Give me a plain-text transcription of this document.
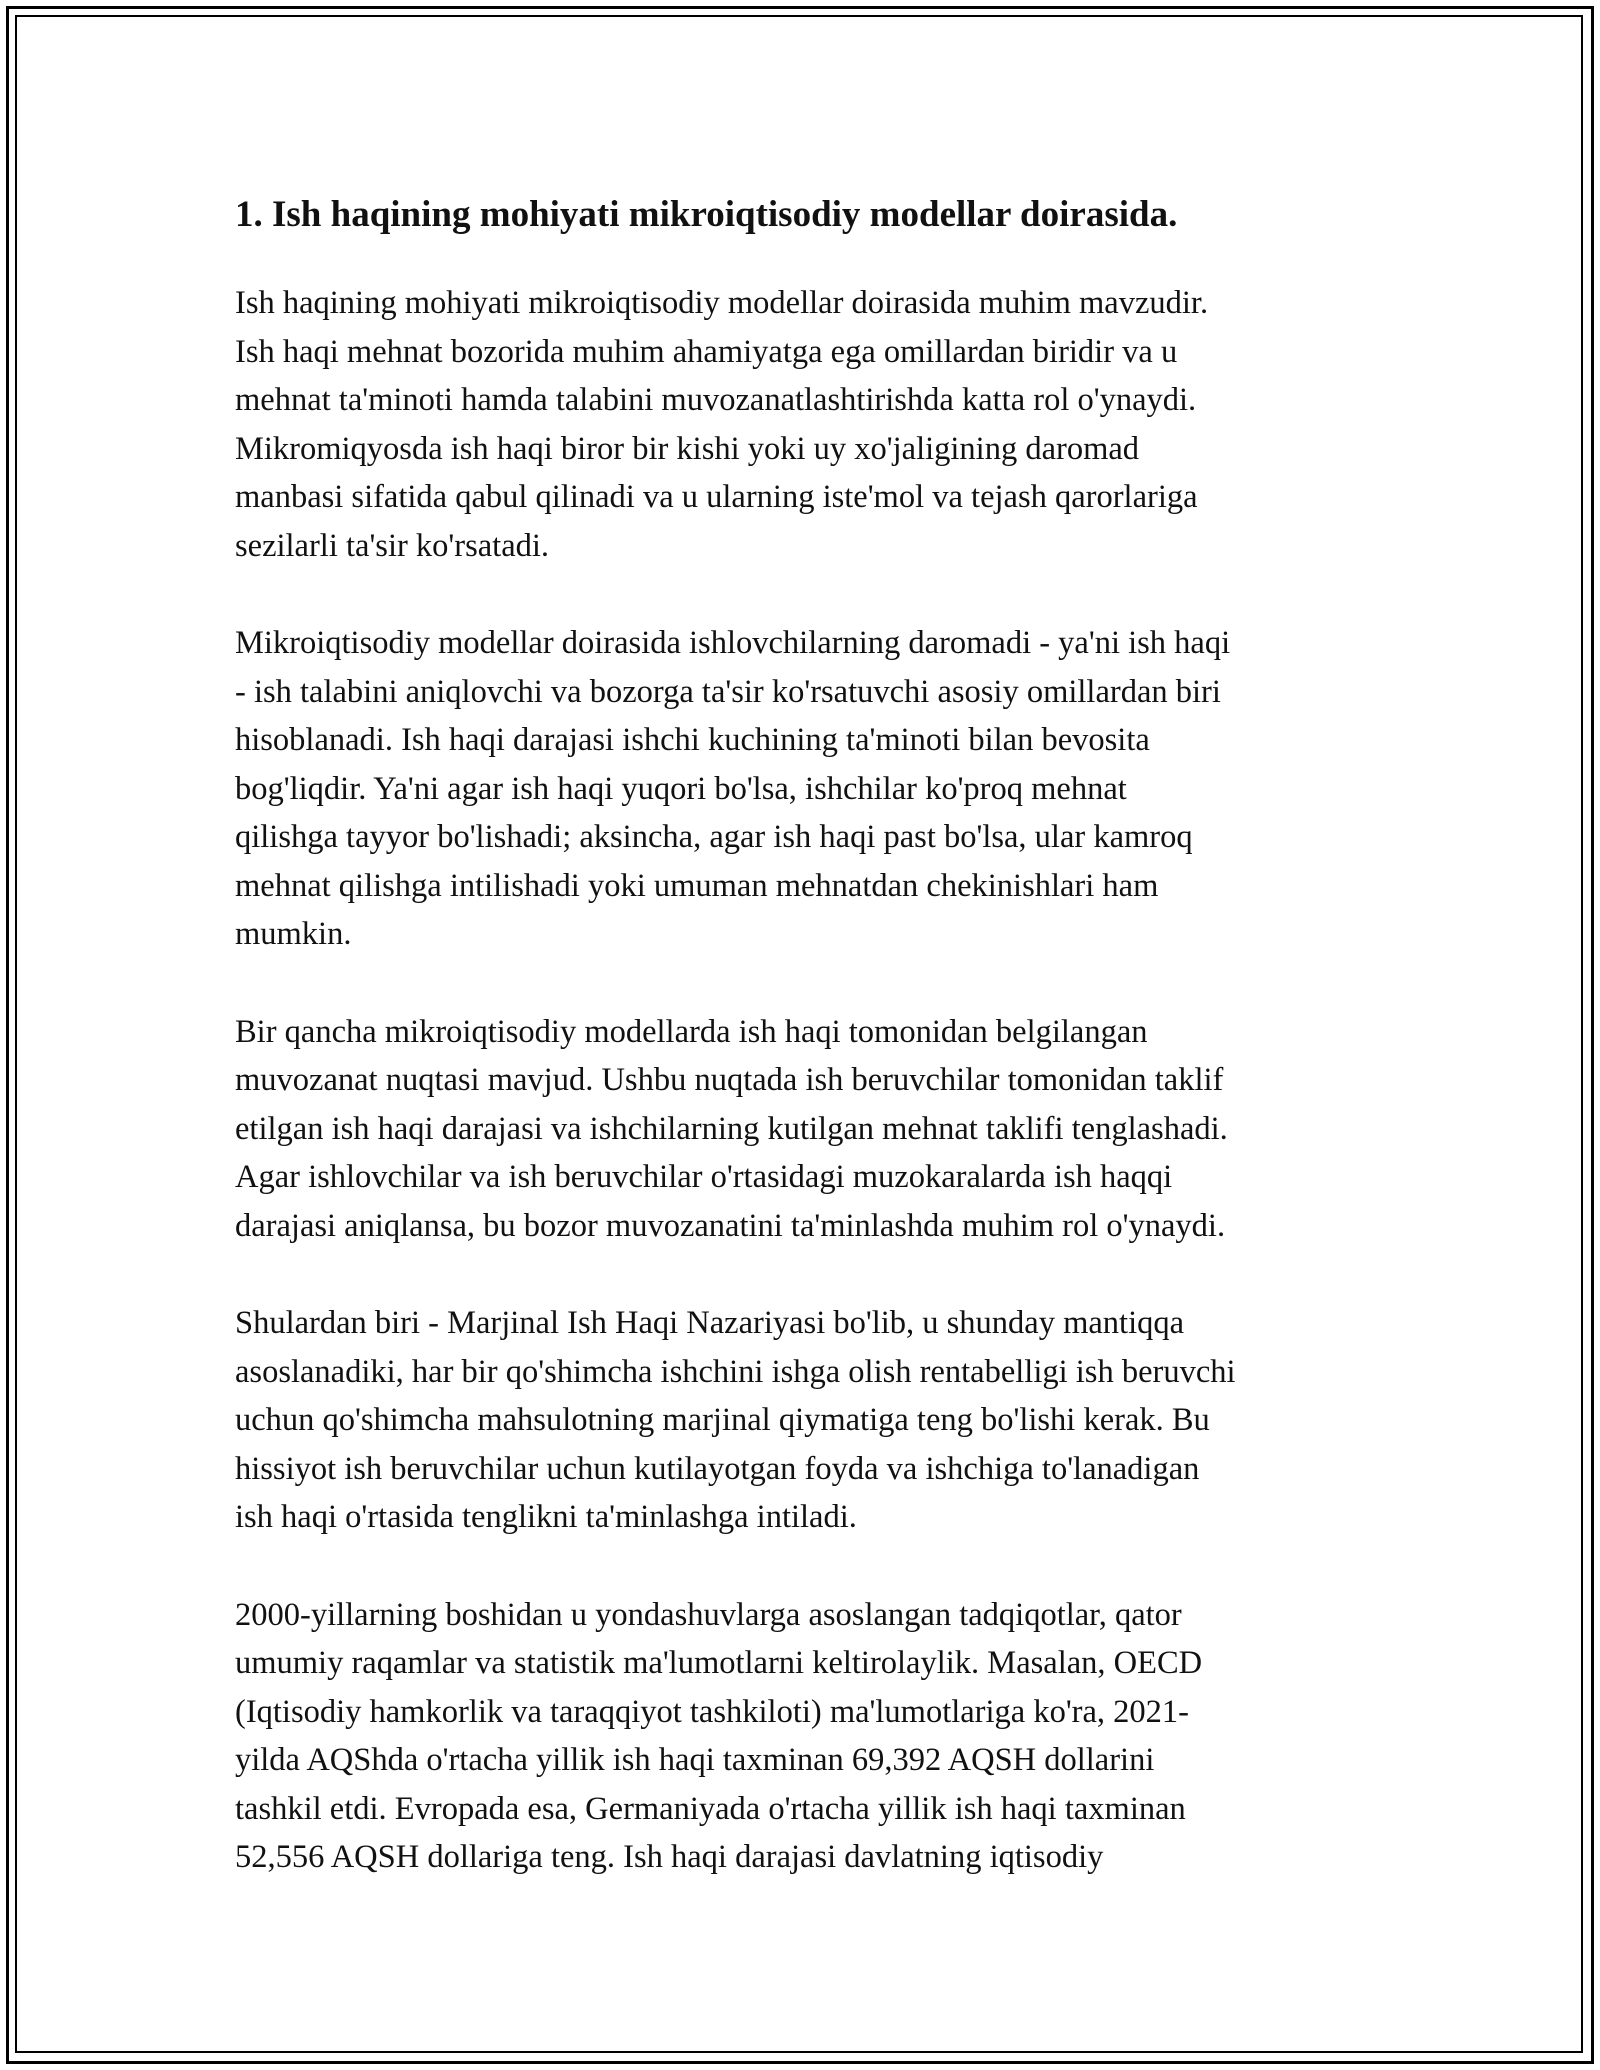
1. Ish haqining mohiyati mikroiqtisodiy modellar doirasida.

Ish haqining mohiyati mikroiqtisodiy modellar doirasida muhim mavzudir.
Ish haqi mehnat bozorida muhim ahamiyatga ega omillardan biridir va u
mehnat ta'minoti hamda talabini muvozanatlashtirishda katta rol o'ynaydi.
Mikromiqyosda ish haqi biror bir kishi yoki uy xo'jaligining daromad
manbasi sifatida qabul qilinadi va u ularning iste'mol va tejash qarorlariga
sezilarli ta'sir ko'rsatadi.

Mikroiqtisodiy modellar doirasida ishlovchilarning daromadi - ya'ni ish haqi
- ish talabini aniqlovchi va bozorga ta'sir ko'rsatuvchi asosiy omillardan biri
hisoblanadi. Ish haqi darajasi ishchi kuchining ta'minoti bilan bevosita
bog'liqdir. Ya'ni agar ish haqi yuqori bo'lsa, ishchilar ko'proq mehnat
qilishga tayyor bo'lishadi; aksincha, agar ish haqi past bo'lsa, ular kamroq
mehnat qilishga intilishadi yoki umuman mehnatdan chekinishlari ham
mumkin.

Bir qancha mikroiqtisodiy modellarda ish haqi tomonidan belgilangan
muvozanat nuqtasi mavjud. Ushbu nuqtada ish beruvchilar tomonidan taklif
etilgan ish haqi darajasi va ishchilarning kutilgan mehnat taklifi tenglashadi.
Agar ishlovchilar va ish beruvchilar o'rtasidagi muzokaralarda ish haqqi
darajasi aniqlansa, bu bozor muvozanatini ta'minlashda muhim rol o'ynaydi.

Shulardan biri - Marjinal Ish Haqi Nazariyasi bo'lib, u shunday mantiqqa
asoslanadiki, har bir qo'shimcha ishchini ishga olish rentabelligi ish beruvchi
uchun qo'shimcha mahsulotning marjinal qiymatiga teng bo'lishi kerak. Bu
hissiyot ish beruvchilar uchun kutilayotgan foyda va ishchiga to'lanadigan
ish haqi o'rtasida tenglikni ta'minlashga intiladi.

2000-yillarning boshidan u yondashuvlarga asoslangan tadqiqotlar, qator
umumiy raqamlar va statistik ma'lumotlarni keltirolaylik. Masalan, OECD
(Iqtisodiy hamkorlik va taraqqiyot tashkiloti) ma'lumotlariga ko'ra, 2021-
yilda AQShda o'rtacha yillik ish haqi taxminan 69,392 AQSH dollarini
tashkil etdi. Evropada esa, Germaniyada o'rtacha yillik ish haqi taxminan
52,556 AQSH dollariga teng. Ish haqi darajasi davlatning iqtisodiy
